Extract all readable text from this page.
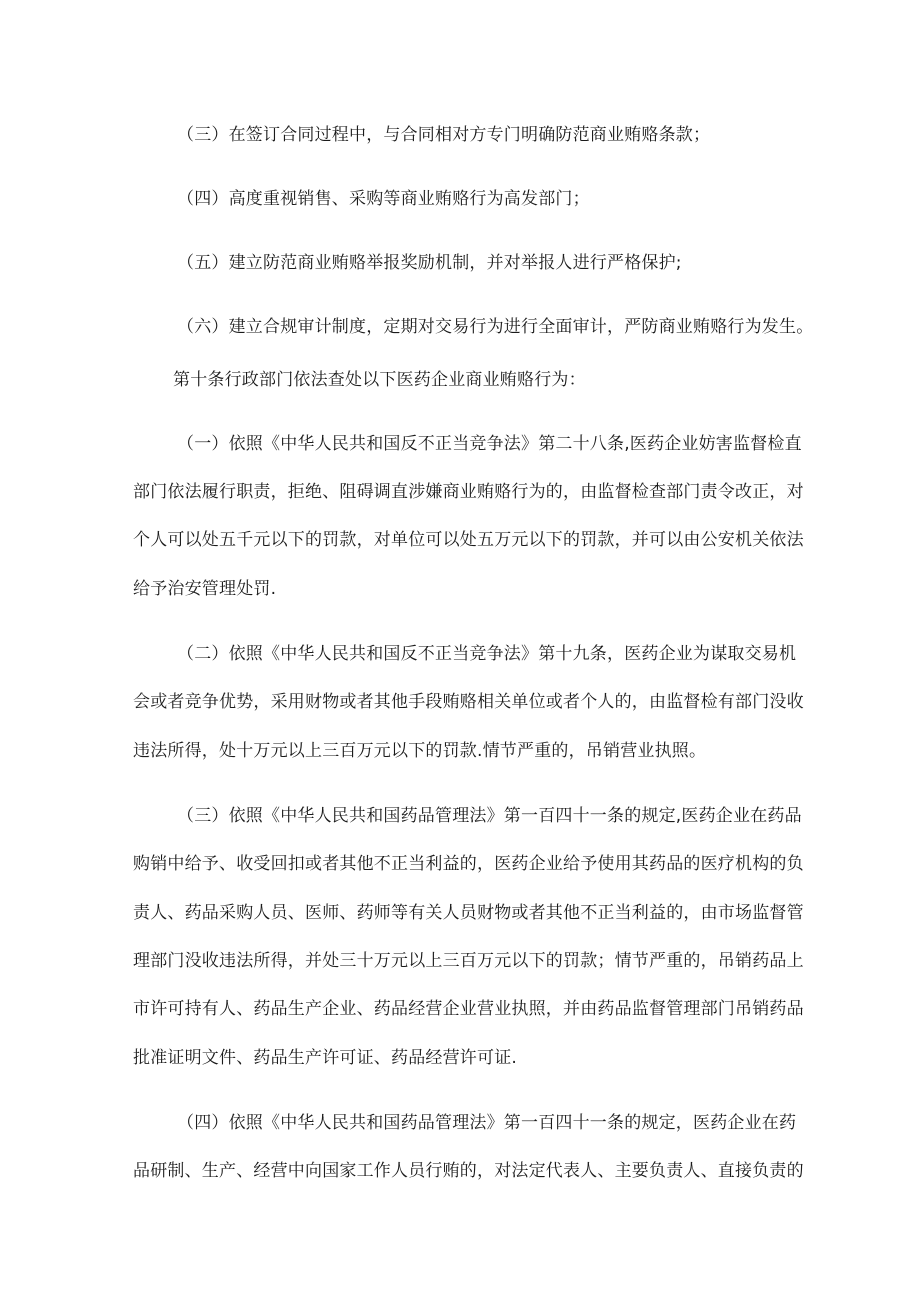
（三）在签订合同过程中，与合同相对方专门明确防范商业贿赂条款；
（四）高度重视销售、采购等商业贿赂行为高发部门；
（五）建立防范商业贿赂举报奖励机制，并对举报人进行严格保护;
（六）建立合规审计制度，定期对交易行为进行全面审计，严防商业贿赂行为发生。
第十条行政部门依法查处以下医药企业商业贿赂行为：
（一）依照《中华人民共和国反不正当竞争法》第二十八条,医药企业妨害监督检直
部门依法履行职责，拒绝、阻碍调直涉嫌商业贿赂行为的，由监督检查部门责令改正，对
个人可以处五千元以下的罚款，对单位可以处五万元以下的罚款，并可以由公安机关依法
给予治安管理处罚.
（二）依照《中华人民共和国反不正当竞争法》第十九条，医药企业为谋取交易机
会或者竞争优势，采用财物或者其他手段贿赂相关单位或者个人的，由监督检有部门没收
违法所得，处十万元以上三百万元以下的罚款.情节严重的，吊销营业执照。
（三）依照《中华人民共和国药品管理法》第一百四十一条的规定,医药企业在药品
购销中给予、收受回扣或者其他不正当利益的，医药企业给予使用其药品的医疗机构的负
责人、药品采购人员、医师、药师等有关人员财物或者其他不正当利益的，由市场监督管
理部门没收违法所得，并处三十万元以上三百万元以下的罚款；情节严重的，吊销药品上
市许可持有人、药品生产企业、药品经营企业营业执照，并由药品监督管理部门吊销药品
批准证明文件、药品生产许可证、药品经营许可证.
（四）依照《中华人民共和国药品管理法》第一百四十一条的规定，医药企业在药
品研制、生产、经营中向国家工作人员行贿的，对法定代表人、主要负责人、直接负责的
